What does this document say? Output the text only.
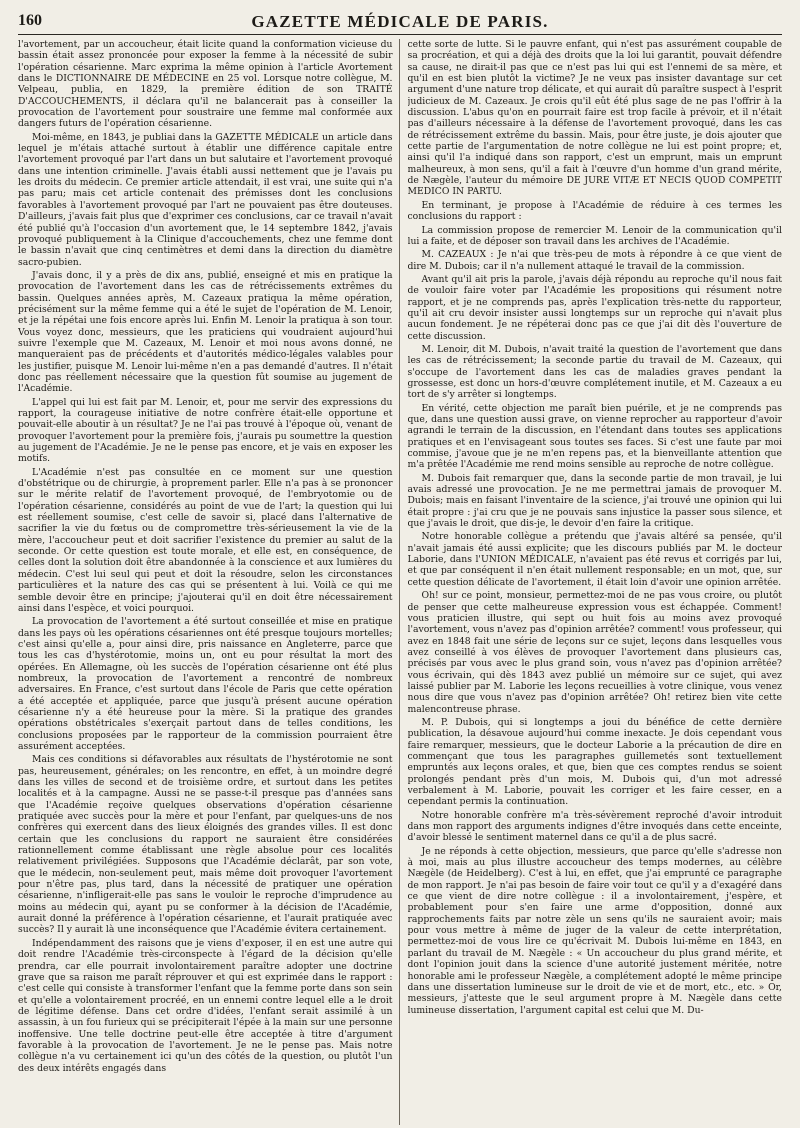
160	GAZETTE MÉDICALE DE PARIS.

l'avortement, par un accoucheur, était licite quand la conformation vicieuse du bassin était assez prononcée pour exposer la femme à la nécessité de subir l'opération césarienne. Marc exprima la même opinion à l'article Avortement dans le DICTIONNAIRE DE MÉDECINE en 25 vol. Lorsque notre collègue, M. Velpeau, publia, en 1829, la première édition de son TRAITÉ D'ACCOUCHEMENTS, il déclara qu'il ne balancerait pas à conseiller la provocation de l'avortement pour soustraire une femme mal conformée aux dangers futurs de l'opération césarienne.

Moi-même, en 1843, je publiai dans la GAZETTE MÉDICALE un article dans lequel je m'étais attaché surtout à établir une différence capitale entre l'avortement provoqué par l'art dans un but salutaire et l'avortement provoqué dans une intention criminelle. J'avais établi aussi nettement que je l'avais pu les droits du médecin. Ce premier article attendait, il est vrai, une suite qui n'a pas paru; mais cet article contenait des prémisses dont les conclusions favorables à l'avortement provoqué par l'art ne pouvaient pas être douteuses. D'ailleurs, j'avais fait plus que d'exprimer ces conclusions, car ce travail n'avait été publié qu'à l'occasion d'un avortement que, le 14 septembre 1842, j'avais provoqué publiquement à la Clinique d'accouchements, chez une femme dont le bassin n'avait que cinq centimètres et demi dans la direction du diamètre sacro-pubien.

J'avais donc, il y a près de dix ans, publié, enseigné et mis en pratique la provocation de l'avortement dans les cas de rétrécissements extrêmes du bassin. Quelques années après, M. Cazeaux pratiqua la même opération, précisément sur la même femme qui a été le sujet de l'opération de M. Lenoir, et je la répétai une fois encore après lui. Enfin M. Lenoir la pratiqua à son tour. Vous voyez donc, messieurs, que les praticiens qui voudraient aujourd'hui suivre l'exemple que M. Cazeaux, M. Lenoir et moi nous avons donné, ne manqueraient pas de précédents et d'autorités médico-légales valables pour les justifier, puisque M. Lenoir lui-même n'en a pas demandé d'autres. Il n'était donc pas réellement nécessaire que la question fût soumise au jugement de l'Académie.

L'appel qui lui est fait par M. Lenoir, et, pour me servir des expressions du rapport, la courageuse initiative de notre confrère était-elle opportune et pouvait-elle aboutir à un résultat? Je ne l'ai pas trouvé à l'époque où, venant de provoquer l'avortement pour la première fois, j'aurais pu soumettre la question au jugement de l'Académie. Je ne le pense pas encore, et je vais en exposer les motifs.

L'Académie n'est pas consultée en ce moment sur une question d'obstétrique ou de chirurgie, à proprement parler. Elle n'a pas à se prononcer sur le mérite relatif de l'avortement provoqué, de l'embryotomie ou de l'opération césarienne, considérés au point de vue de l'art; la question qui lui est réellement soumise, c'est celle de savoir si, placé dans l'alternative de sacrifier la vie du fœtus ou de compromettre très-sérieusement la vie de la mère, l'accoucheur peut et doit sacrifier l'existence du premier au salut de la seconde. Or cette question est toute morale, et elle est, en conséquence, de celles dont la solution doit être abandonnée à la conscience et aux lumières du médecin. C'est lui seul qui peut et doit la résoudre, selon les circonstances particulières et la nature des cas qui se présentent à lui. Voilà ce qui me semble devoir être en principe; j'ajouterai qu'il en doit être nécessairement ainsi dans l'espèce, et voici pourquoi.

La provocation de l'avortement a été surtout conseillée et mise en pratique dans les pays où les opérations césariennes ont été presque toujours mortelles; c'est ainsi qu'elle a, pour ainsi dire, pris naissance en Angleterre, parce que tous les cas d'hystérotomie, moins un, ont eu pour résultat la mort des opérées. En Allemagne, où les succès de l'opération césarienne ont été plus nombreux, la provocation de l'avortement a rencontré de nombreux adversaires. En France, c'est surtout dans l'école de Paris que cette opération a été acceptée et appliquée, parce que jusqu'à présent aucune opération césarienne n'y a été heureuse pour la mère. Si la pratique des grandes opérations obstétricales s'exerçait partout dans de telles conditions, les conclusions proposées par le rapporteur de la commission pourraient être assurément acceptées.

Mais ces conditions si défavorables aux résultats de l'hystérotomie ne sont pas, heureusement, générales; on les rencontre, en effet, à un moindre degré dans les villes de second et de troisième ordre, et surtout dans les petites localités et à la campagne. Aussi ne se passe-t-il presque pas d'années sans que l'Académie reçoive quelques observations d'opération césarienne pratiquée avec succès pour la mère et pour l'enfant, par quelques-uns de nos confrères qui exercent dans des lieux éloignés des grandes villes. Il est donc certain que les conclusions du rapport ne sauraient être considérées rationnellement comme établissant une règle absolue pour ces localités relativement privilégiées. Supposons que l'Académie déclarât, par son vote, que le médecin, non-seulement peut, mais même doit provoquer l'avortement pour n'être pas, plus tard, dans la nécessité de pratiquer une opération césarienne, n'infligerait-elle pas sans le vouloir le reproche d'imprudence au moins au médecin qui, ayant pu se conformer à la décision de l'Académie, aurait donné la préférence à l'opération césarienne, et l'aurait pratiquée avec succès? Il y aurait là une inconséquence que l'Académie évitera certainement.

Indépendamment des raisons que je viens d'exposer, il en est une autre qui doit rendre l'Académie très-circonspecte à l'égard de la décision qu'elle prendra, car elle pourrait involontairement paraître adopter une doctrine grave que sa raison me paraît réprouver et qui est exprimée dans le rapport : c'est celle qui consiste à transformer l'enfant que la femme porte dans son sein et qu'elle a volontairement procréé, en un ennemi contre lequel elle a le droit de légitime défense. Dans cet ordre d'idées, l'enfant serait assimilé à un assassin, à un fou furieux qui se précipiterait l'épée à la main sur une personne inoffensive. Une telle doctrine peut-elle être acceptée à titre d'argument favorable à la provocation de l'avortement. Je ne le pense pas. Mais notre collègue n'a vu certainement ici qu'un des côtés de la question, ou plutôt l'un des deux intérêts engagés dans

cette sorte de lutte. Si le pauvre enfant, qui n'est pas assurément coupable de sa procréation, et qui a déjà des droits que la loi lui garantit, pouvait défendre sa cause, ne dirait-il pas que ce n'est pas lui qui est l'ennemi de sa mère, et qu'il en est bien plutôt la victime? Je ne veux pas insister davantage sur cet argument d'une nature trop délicate, et qui aurait dû paraître suspect à l'esprit judicieux de M. Cazeaux. Je crois qu'il eût été plus sage de ne pas l'offrir à la discussion. L'abus qu'on en pourrait faire est trop facile à prévoir, et il n'était pas d'ailleurs nécessaire à la défense de l'avortement provoqué, dans les cas de rétrécissement extrême du bassin. Mais, pour être juste, je dois ajouter que cette partie de l'argumentation de notre collègue ne lui est point propre; et, ainsi qu'il l'a indiqué dans son rapport, c'est un emprunt, mais un emprunt malheureux, à mon sens, qu'il a fait à l'œuvre d'un homme d'un grand mérite, de Nægèle, l'auteur du mémoire DE JURE VITÆ ET NECIS QUOD COMPETIT MEDICO IN PARTU.

En terminant, je propose à l'Académie de réduire à ces termes les conclusions du rapport :

La commission propose de remercier M. Lenoir de la communication qu'il lui a faite, et de déposer son travail dans les archives de l'Académie.

M. CAZEAUX : Je n'ai que très-peu de mots à répondre à ce que vient de dire M. Dubois; car il n'a nullement attaqué le travail de la commission.

Avant qu'il ait pris la parole, j'avais déjà répondu au reproche qu'il nous fait de vouloir faire voter par l'Académie les propositions qui résument notre rapport, et je ne comprends pas, après l'explication très-nette du rapporteur, qu'il ait cru devoir insister aussi longtemps sur un reproche qui n'avait plus aucun fondement. Je ne répéterai donc pas ce que j'ai dit dès l'ouverture de cette discussion.

M. Lenoir, dit M. Dubois, n'avait traité la question de l'avortement que dans les cas de rétrécissement; la seconde partie du travail de M. Cazeaux, qui s'occupe de l'avortement dans les cas de maladies graves pendant la grossesse, est donc un hors-d'œuvre complétement inutile, et M. Cazeaux a eu tort de s'y arrêter si longtemps.

En vérité, cette objection me paraît bien puérile, et je ne comprends pas que, dans une question aussi grave, on vienne reprocher au rapporteur d'avoir agrandi le terrain de la discussion, en l'étendant dans toutes ses applications pratiques et en l'envisageant sous toutes ses faces. Si c'est une faute par moi commise, j'avoue que je ne m'en repens pas, et la bienveillante attention que m'a prêtée l'Académie me rend moins sensible au reproche de notre collègue.

M. Dubois fait remarquer que, dans la seconde partie de mon travail, je lui avais adressé une provocation. Je ne me permettrai jamais de provoquer M. Dubois; mais en faisant l'inventaire de la science, j'ai trouvé une opinion qui lui était propre : j'ai cru que je ne pouvais sans injustice la passer sous silence, et que j'avais le droit, que dis-je, le devoir d'en faire la critique.

Notre honorable collègue a prétendu que j'avais altéré sa pensée, qu'il n'avait jamais été aussi explicite; que les discours publiés par M. le docteur Laborie, dans l'UNION MÉDICALE, n'avaient pas été revus et corrigés par lui, et que par conséquent il n'en était nullement responsable; en un mot, que, sur cette question délicate de l'avortement, il était loin d'avoir une opinion arrêtée.

Oh! sur ce point, monsieur, permettez-moi de ne pas vous croire, ou plutôt de penser que cette malheureuse expression vous est échappée. Comment! vous praticien illustre, qui sept ou huit fois au moins avez provoqué l'avortement, vous n'avez pas d'opinion arrêtée? comment! vous professeur, qui avez en 1848 fait une série de leçons sur ce sujet, leçons dans lesquelles vous avez conseillé à vos élèves de provoquer l'avortement dans plusieurs cas, précisés par vous avec le plus grand soin, vous n'avez pas d'opinion arrêtée? vous écrivain, qui dès 1843 avez publié un mémoire sur ce sujet, qui avez laissé publier par M. Laborie les leçons recueillies à votre clinique, vous venez nous dire que vous n'avez pas d'opinion arrêtée? Oh! retirez bien vite cette malencontreuse phrase.

M. P. Dubois, qui si longtemps a joui du bénéfice de cette dernière publication, la désavoue aujourd'hui comme inexacte. Je dois cependant vous faire remarquer, messieurs, que le docteur Laborie a la précaution de dire en commençant que tous les paragraphes guillemetés sont textuellement empruntés aux leçons orales, et que, bien que ces comptes rendus se soient prolongés pendant près d'un mois, M. Dubois qui, d'un mot adressé verbalement à M. Laborie, pouvait les corriger et les faire cesser, en a cependant permis la continuation.

Notre honorable confrère m'a très-sévèrement reproché d'avoir introduit dans mon rapport des arguments indignes d'être invoqués dans cette enceinte, d'avoir blessé le sentiment maternel dans ce qu'il a de plus sacré.

Je ne réponds à cette objection, messieurs, que parce qu'elle s'adresse non à moi, mais au plus illustre accoucheur des temps modernes, au célèbre Nægèle (de Heidelberg). C'est à lui, en effet, que j'ai emprunté ce paragraphe de mon rapport. Je n'ai pas besoin de faire voir tout ce qu'il y a d'exagéré dans ce que vient de dire notre collègue : il a involontairement, j'espère, et probablement pour s'en faire une arme d'opposition, donné aux rapprochements faits par notre zèle un sens qu'ils ne sauraient avoir; mais pour vous mettre à même de juger de la valeur de cette interprétation, permettez-moi de vous lire ce qu'écrivait M. Dubois lui-même en 1843, en parlant du travail de M. Nægèle : « Un accoucheur du plus grand mérite, et dont l'opinion jouit dans la science d'une autorité justement méritée, notre honorable ami le professeur Nægèle, a complétement adopté le même principe dans une dissertation lumineuse sur le droit de vie et de mort, etc., etc. » Or, messieurs, j'atteste que le seul argument propre à M. Nægèle dans cette lumineuse dissertation, l'argument capital est celui que M. Du-
